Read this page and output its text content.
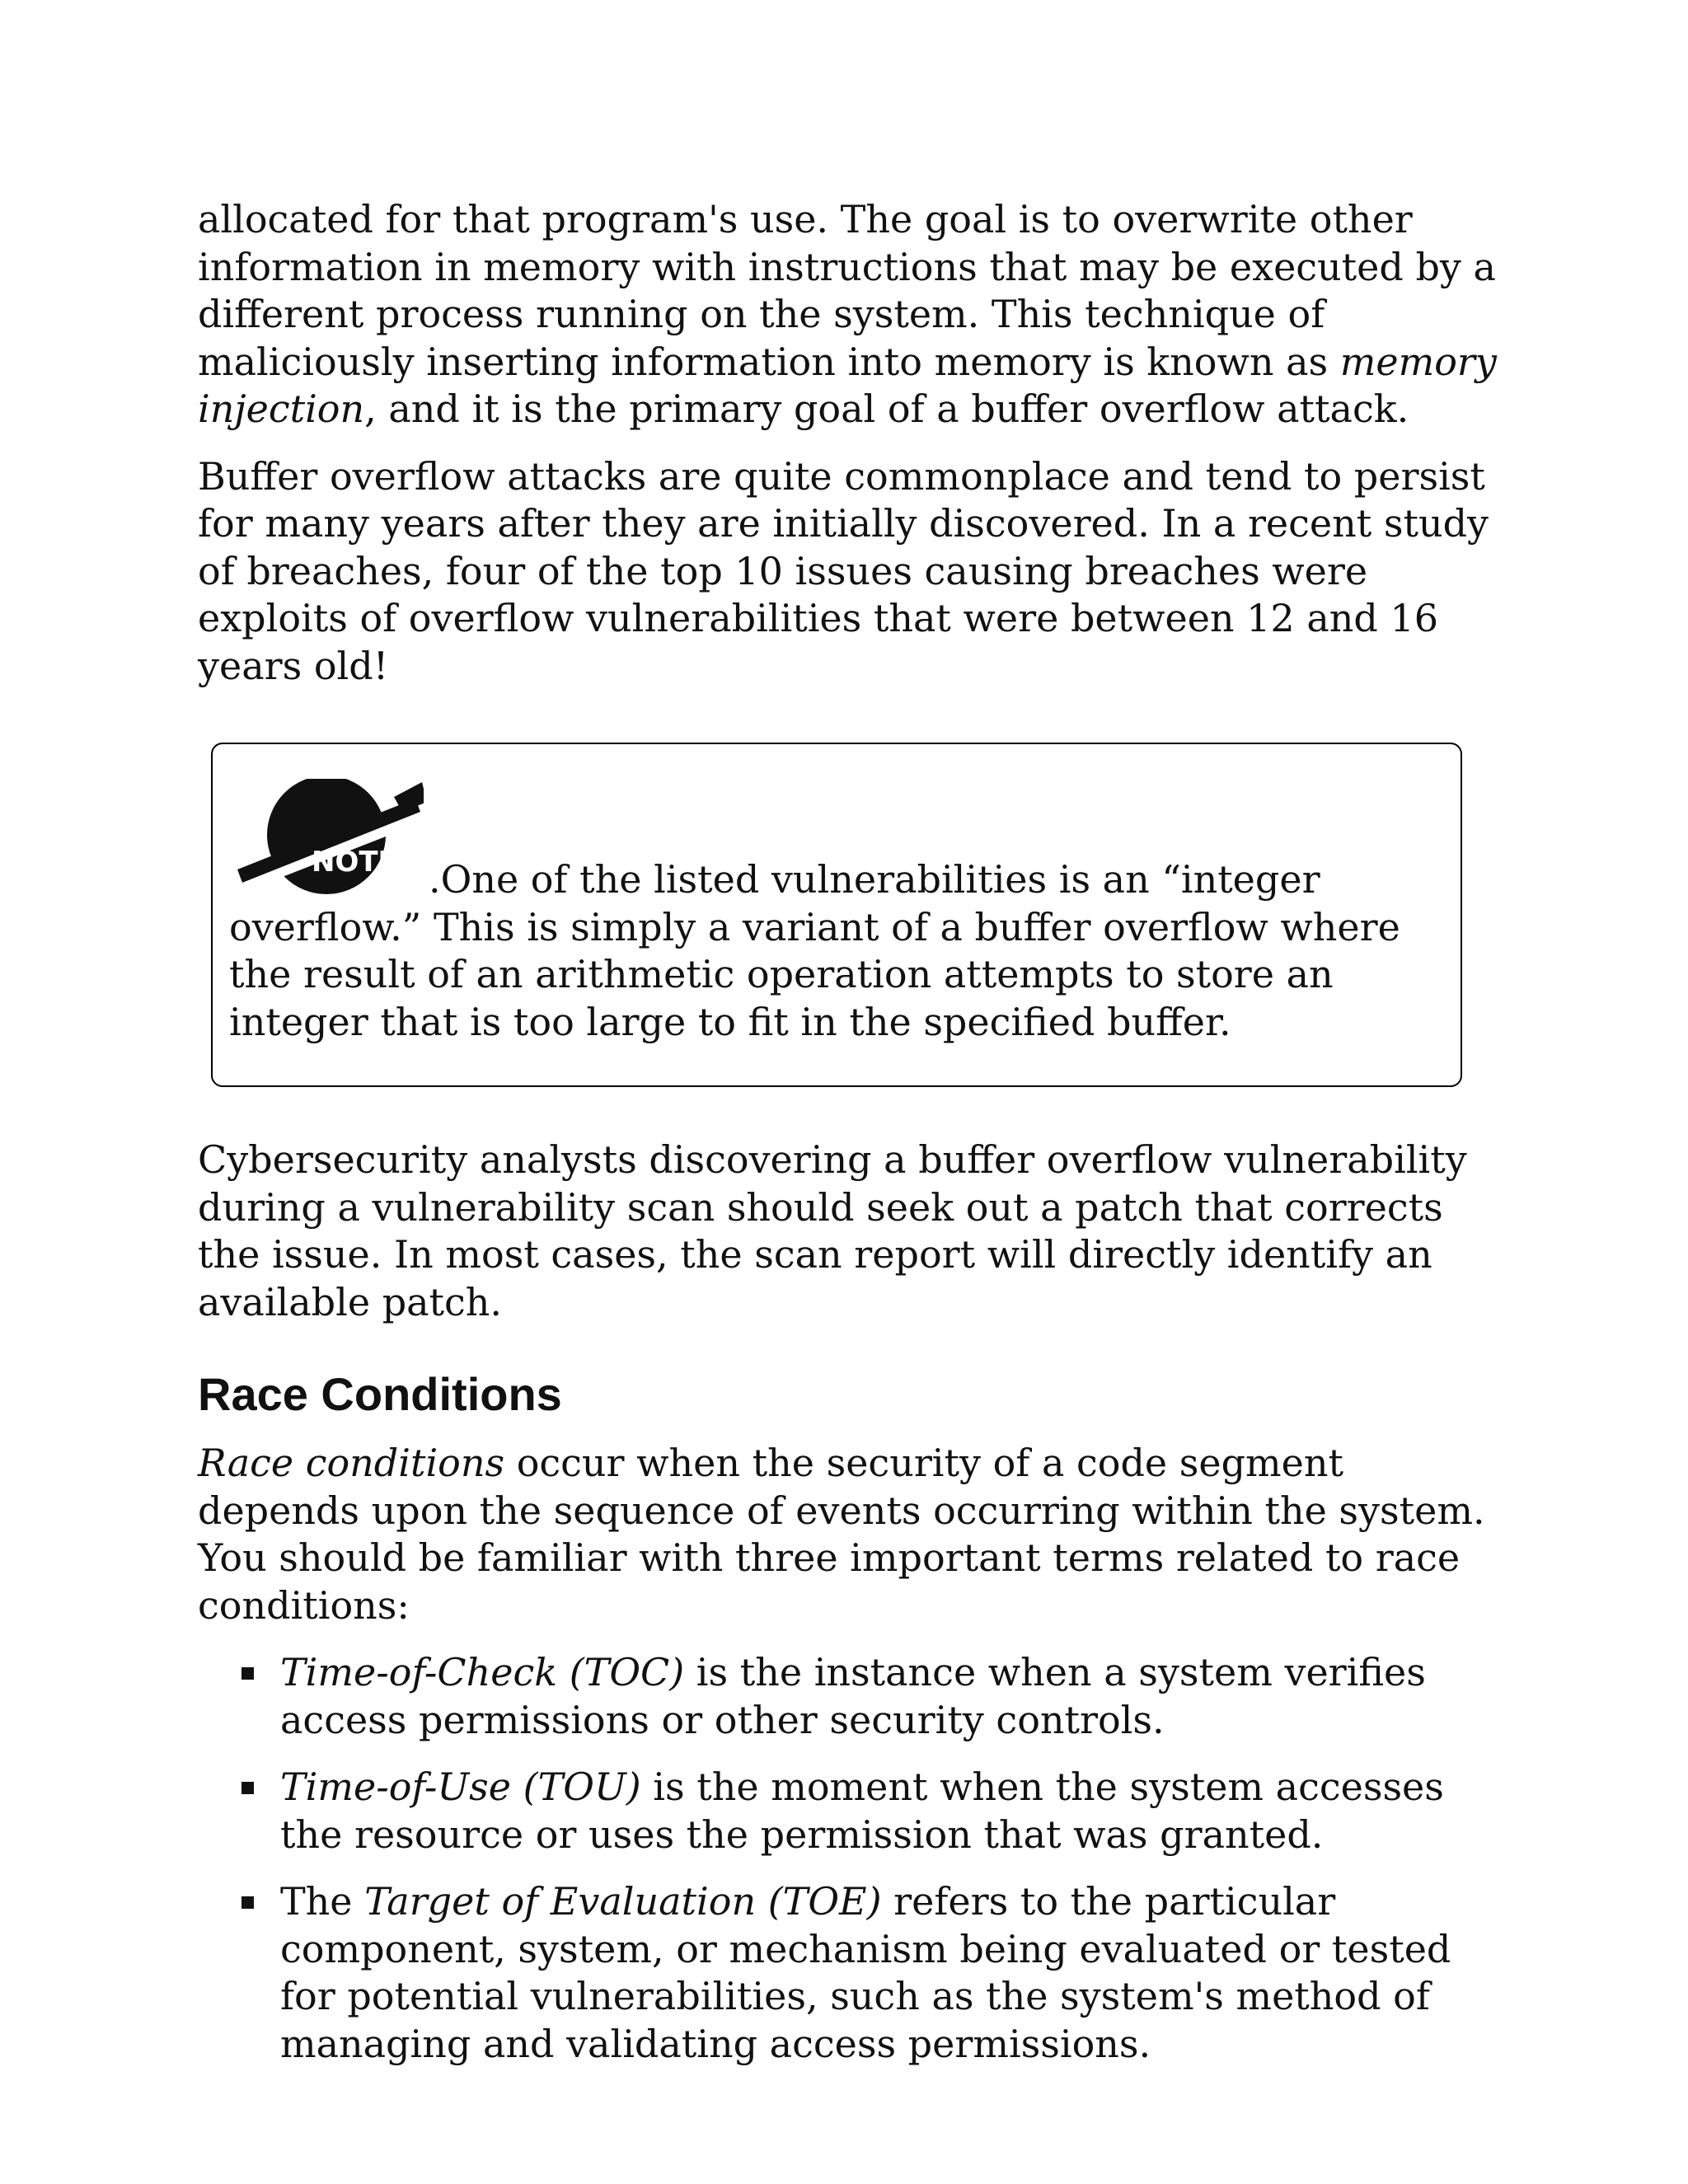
allocated for that program's use. The goal is to overwrite other information in memory with instructions that may be executed by a different process running on the system. This technique of maliciously inserting information into memory is known as memory injection, and it is the primary goal of a buffer overflow attack.

Buffer overflow attacks are quite commonplace and tend to persist for many years after they are initially discovered. In a recent study of breaches, four of the top 10 issues causing breaches were exploits of overflow vulnerabilities that were between 12 and 16 years old!

NOTE .One of the listed vulnerabilities is an “integer overflow.” This is simply a variant of a buffer overflow where the result of an arithmetic operation attempts to store an integer that is too large to fit in the specified buffer.

Cybersecurity analysts discovering a buffer overflow vulnerability during a vulnerability scan should seek out a patch that corrects the issue. In most cases, the scan report will directly identify an available patch.

Race Conditions

Race conditions occur when the security of a code segment depends upon the sequence of events occurring within the system. You should be familiar with three important terms related to race conditions:

Time-of-Check (TOC) is the instance when a system verifies access permissions or other security controls.
Time-of-Use (TOU) is the moment when the system accesses the resource or uses the permission that was granted.
The Target of Evaluation (TOE) refers to the particular component, system, or mechanism being evaluated or tested for potential vulnerabilities, such as the system's method of managing and validating access permissions.
